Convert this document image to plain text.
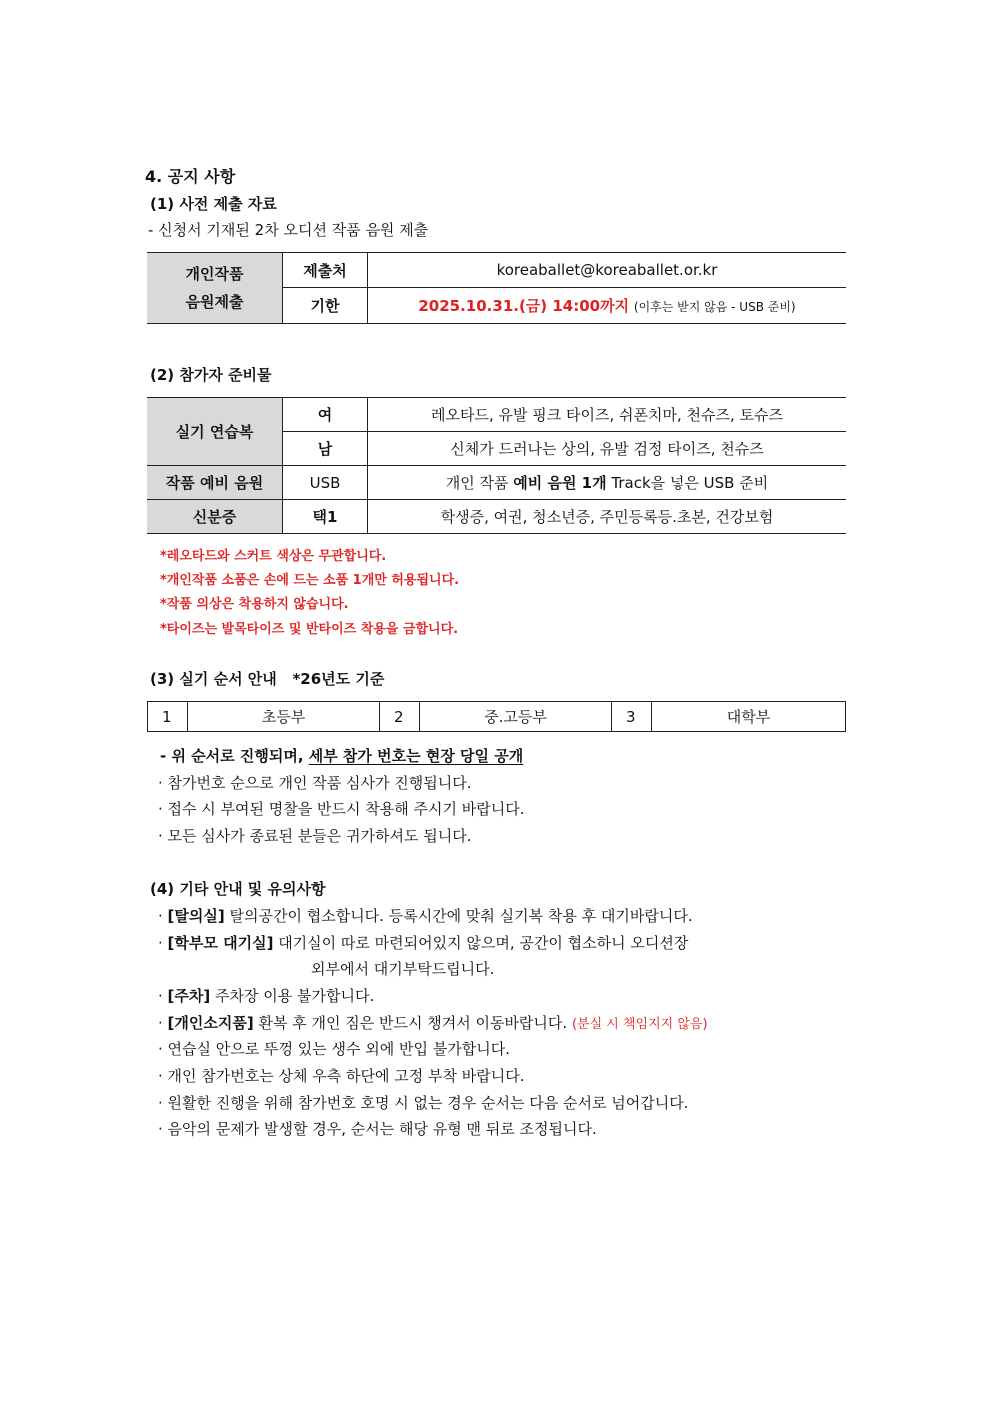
4. 공지 사항
(1) 사전 제출 자료
- 신청서 기재된 2차 오디션 작품 음원 제출
개인작품
음원제출	제출처	koreaballet@koreaballet.or.kr
	기한	2025.10.31.(금) 14:00까지 (이후는 받지 않음 - USB 준비)
(2) 참가자 준비물
실기 연습복	여	레오타드, 유발 핑크 타이즈, 쉬폰치마, 천슈즈, 토슈즈
	남	신체가 드러나는 상의, 유발 검정 타이즈, 천슈즈
작품 예비 음원	USB	개인 작품 예비 음원 1개 Track을 넣은 USB 준비
신분증	택1	학생증, 여권, 청소년증, 주민등록등.초본, 건강보험
*레오타드와 스커트 색상은 무관합니다.
*개인작품 소품은 손에 드는 소품 1개만 허용됩니다.
*작품 의상은 착용하지 않습니다.
*타이즈는 발목타이즈 및 반타이즈 착용을 금합니다.
(3) 실기 순서 안내 *26년도 기준
1	초등부	2	중.고등부	3	대학부
- 위 순서로 진행되며, 세부 참가 번호는 현장 당일 공개
· 참가번호 순으로 개인 작품 심사가 진행됩니다.
· 접수 시 부여된 명찰을 반드시 착용해 주시기 바랍니다.
· 모든 심사가 종료된 분들은 귀가하셔도 됩니다.
(4) 기타 안내 및 유의사항
· [탈의실] 탈의공간이 협소합니다. 등록시간에 맞춰 실기복 착용 후 대기바랍니다.
· [학부모 대기실] 대기실이 따로 마련되어있지 않으며, 공간이 협소하니 오디션장
외부에서 대기부탁드립니다.
· [주차] 주차장 이용 불가합니다.
· [개인소지품] 환복 후 개인 짐은 반드시 챙겨서 이동바랍니다. (분실 시 책임지지 않음)
· 연습실 안으로 뚜껑 있는 생수 외에 반입 불가합니다.
· 개인 참가번호는 상체 우측 하단에 고정 부착 바랍니다.
· 원활한 진행을 위해 참가번호 호명 시 없는 경우 순서는 다음 순서로 넘어갑니다.
· 음악의 문제가 발생할 경우, 순서는 해당 유형 맨 뒤로 조정됩니다.
